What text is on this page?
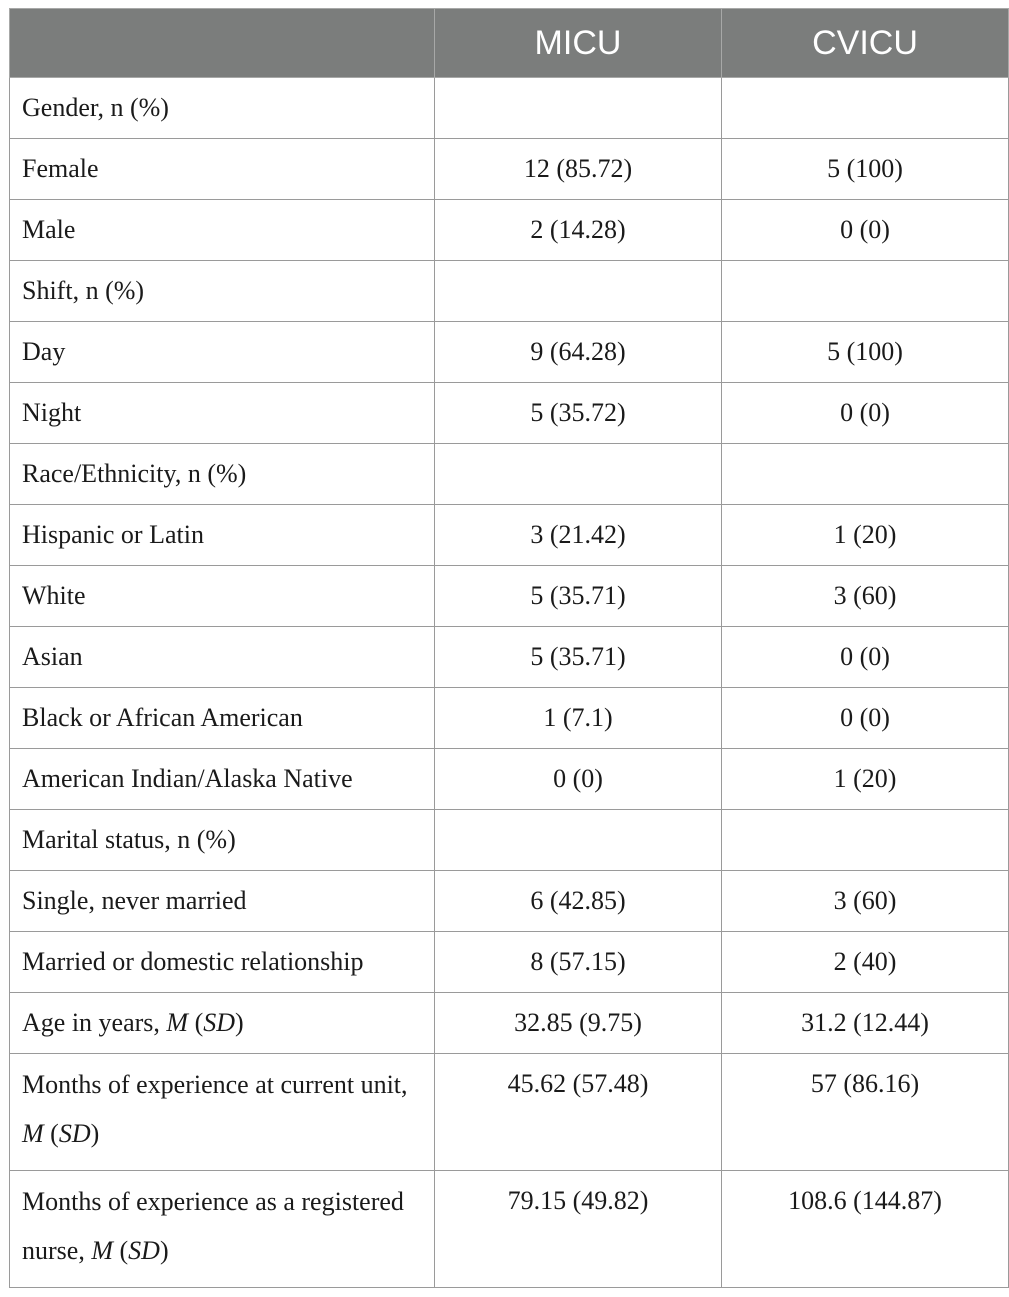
	MICU	CVICU
Gender, n (%)		
Female	12 (85.72)	5 (100)
Male	2 (14.28)	0 (0)
Shift, n (%)		
Day	9 (64.28)	5 (100)
Night	5 (35.72)	0 (0)
Race/Ethnicity, n (%)		
Hispanic or Latin	3 (21.42)	1 (20)
White	5 (35.71)	3 (60)
Asian	5 (35.71)	0 (0)
Black or African American	1 (7.1)	0 (0)
American Indian/Alaska Native	0 (0)	1 (20)
Marital status, n (%)		
Single, never married	6 (42.85)	3 (60)
Married or domestic relationship	8 (57.15)	2 (40)
Age in years, M (SD)	32.85 (9.75)	31.2 (12.44)
Months of experience at current unit, M (SD)	45.62 (57.48)	57 (86.16)
Months of experience as a registered nurse, M (SD)	79.15 (49.82)	108.6 (144.87)
